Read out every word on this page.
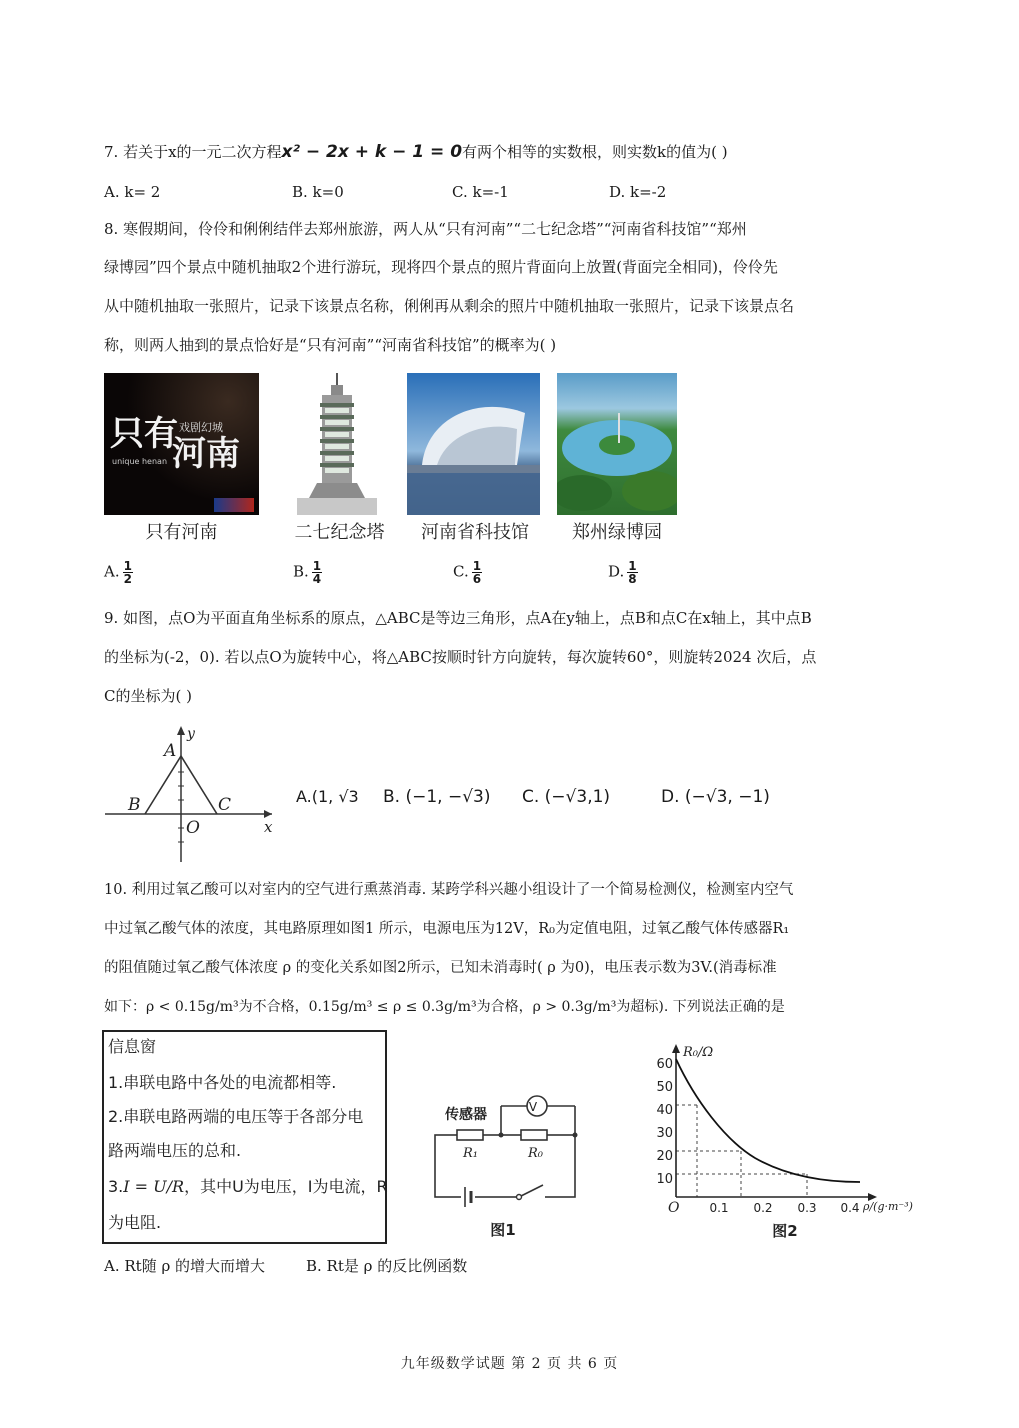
7. 若关于x的一元二次方程x² − 2x + k − 1 = 0有两个相等的实数根，则实数k的值为( )
A. k= 2	B. k=0	C. k=-1	D. k=-2
8. 寒假期间，伶伶和俐俐结伴去郑州旅游，两人从“只有河南”“二七纪念塔”“河南省科技馆”“郑州
绿博园”四个景点中随机抽取2个进行游玩，现将四个景点的照片背面向上放置(背面完全相同)，伶伶先
从中随机抽取一张照片，记录下该景点名称，俐俐再从剩余的照片中随机抽取一张照片，记录下该景点名
称，则两人抽到的景点恰好是“只有河南”“河南省科技馆”的概率为( )
只有
河南
戏剧幻城
unique henan
只有河南	二七纪念塔	河南省科技馆	郑州绿博园
A. $\frac{1}{2}$	B. $\frac{1}{4}$	C. $\frac{1}{6}$	D. $\frac{1}{8}$
9. 如图，点O为平面直角坐标系的原点，△ABC是等边三角形，点A在y轴上，点B和点C在x轴上，其中点B
的坐标为(-2，0). 若以点O为旋转中心，将△ABC按顺时针方向旋转，每次旋转60°，则旋转2024 次后，点
C的坐标为( )
A
y
B	C
O	x
A.(1, √3 B. (−1, −√3) C. (−√3,1)	D. (−√3, −1)
10. 利用过氧乙酸可以对室内的空气进行熏蒸消毒. 某跨学科兴趣小组设计了一个简易检测仪，检测室内空气
中过氧乙酸气体的浓度，其电路原理如图1 所示，电源电压为12V，R₀为定值电阻，过氧乙酸气体传感器R₁
的阻值随过氧乙酸气体浓度 ρ 的变化关系如图2所示，已知未消毒时( ρ 为0)，电压表示数为3V.(消毒标准
如下：ρ < 0.15g/m³为不合格，0.15g/m³ ≤ ρ ≤ 0.3g/m³为合格，ρ > 0.3g/m³为超标). 下列说法正确的是
信息窗
1.串联电路中各处的电流都相等.
2.串联电路两端的电压等于各部分电
路两端电压的总和.
3.I = U/R，其中U为电压，I为电流，R
为电阻.
V
传感器
R₁	R₀
图1
60
50
40
30
20
10
0.1 0.2 0.3 0.4
O
R₀/Ω
ρ/(g·m⁻³)
图2
A. Rt随 ρ 的增大而增大	B. Rt是 ρ 的反比例函数
九年级数学试题 第 2 页 共 6 页
